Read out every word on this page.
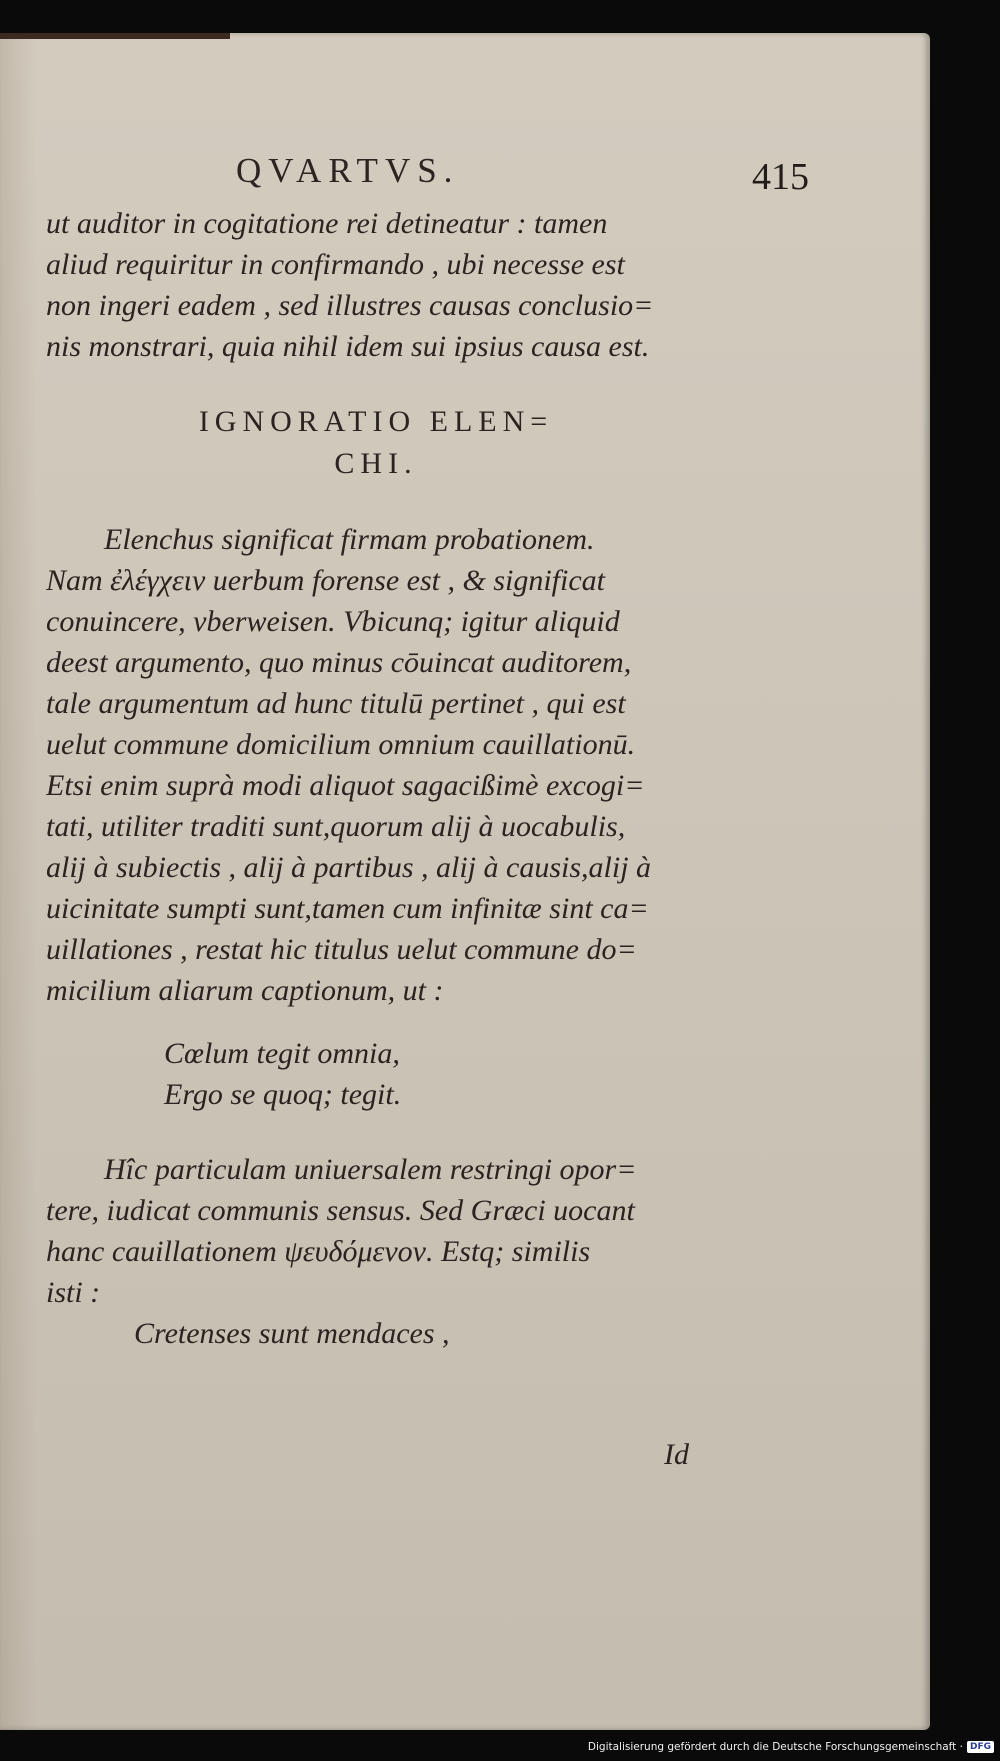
QVARTVS.	415
ut auditor in cogitatione rei detineatur : tamen
aliud requiritur in confirmando , ubi necesse est
non ingeri eadem , sed illustres causas conclusio=
nis monstrari, quia nihil idem sui ipsius causa est.
IGNORATIO ELEN=
CHI.
Elenchus significat firmam probationem.
Nam ἐλέγχειν uerbum forense est , & significat
conuincere, vberweisen. Vbicunq; igitur aliquid
deest argumento, quo minus cōuincat auditorem,
tale argumentum ad hunc titulū pertinet , qui est
uelut commune domicilium omnium cauillationū.
Etsi enim suprà modi aliquot sagacißimè excogi=
tati, utiliter traditi sunt,quorum alij à uocabulis,
alij à subiectis , alij à partibus , alij à causis,alij à
uicinitate sumpti sunt,tamen cum infinitæ sint ca=
uillationes , restat hic titulus uelut commune do=
micilium aliarum captionum, ut :
Cœlum tegit omnia,
Ergo se quoq; tegit.
Hîc particulam uniuersalem restringi opor=
tere, iudicat communis sensus. Sed Græci uocant
hanc cauillationem ψευδόμενον. Estq; similis
isti :
Cretenses sunt mendaces ,
Id
Digitalisierung gefördert durch die Deutsche Forschungsgemeinschaft · DFG
